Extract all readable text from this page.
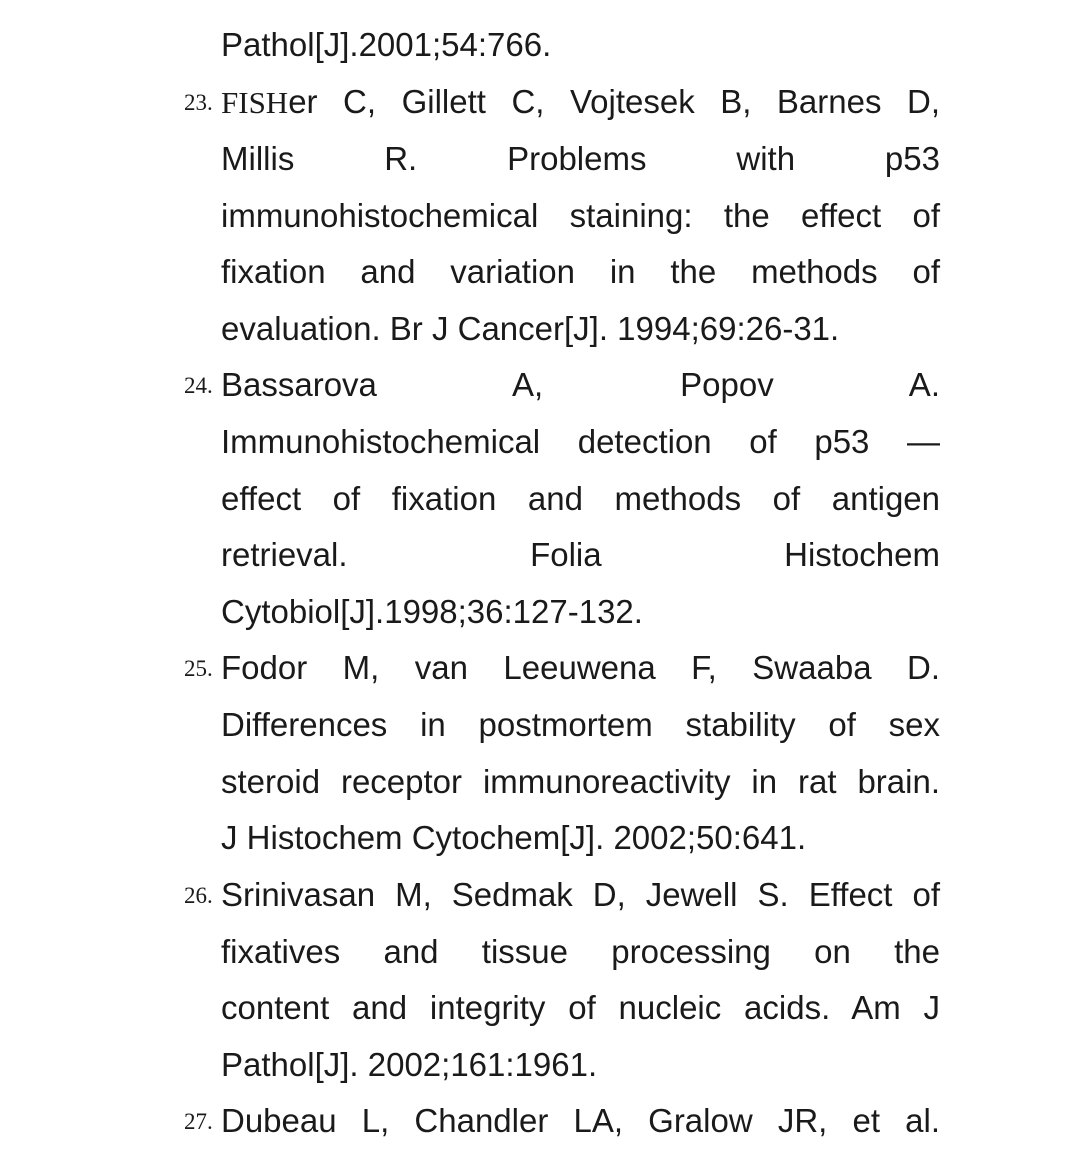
Pathol[J].2001;54:766.
23. FISHer C, Gillett C, Vojtesek B, Barnes D,
Millis R. Problems with p53
immunohistochemical staining: the effect of
fixation and variation in the methods of
evaluation. Br J Cancer[J]. 1994;69:26-31.
24. Bassarova A, Popov A.
Immunohistochemical detection of p53 —
effect of fixation and methods of antigen
retrieval. Folia Histochem
Cytobiol[J].1998;36:127-132.
25. Fodor M, van Leeuwena F, Swaaba D.
Differences in postmortem stability of sex
steroid receptor immunoreactivity in rat brain.
J Histochem Cytochem[J]. 2002;50:641.
26. Srinivasan M, Sedmak D, Jewell S. Effect of
fixatives and tissue processing on the
content and integrity of nucleic acids. Am J
Pathol[J]. 2002;161:1961.
27. Dubeau L, Chandler LA, Gralow JR, et al.
